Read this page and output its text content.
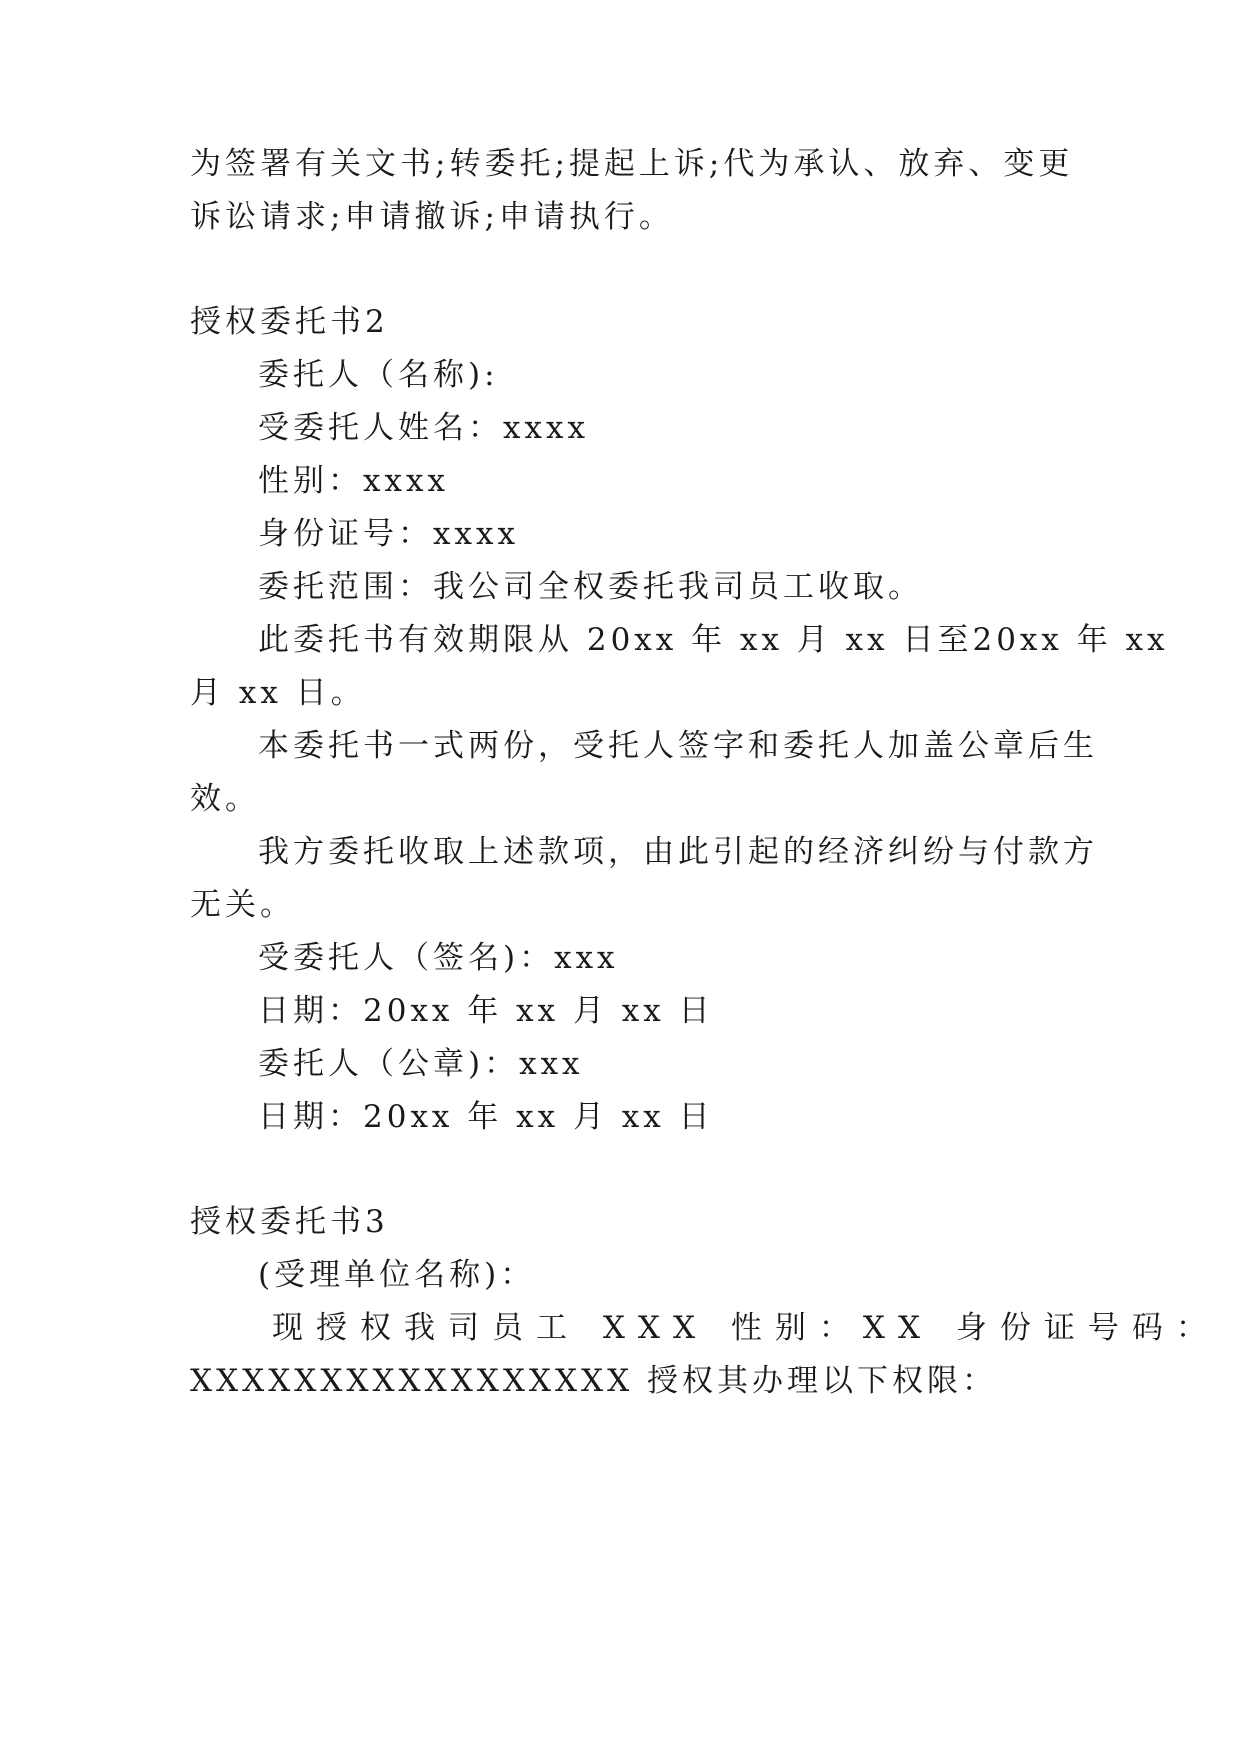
为签署有关文书;转委托;提起上诉;代为承认、放弃、变更
诉讼请求;申请撤诉;申请执行。
授权委托书2
委托人（名称):
受委托人姓名：xxxx
性别：xxxx
身份证号：xxxx
委托范围：我公司全权委托我司员工收取。
此委托书有效期限从 20xx 年 xx 月 xx 日至20xx 年 xx
月 xx 日。
本委托书一式两份，受托人签字和委托人加盖公章后生
效。
我方委托收取上述款项，由此引起的经济纠纷与付款方
无关。
受委托人（签名)：xxx
日期：20xx 年 xx 月 xx 日
委托人（公章)：xxx
日期：20xx 年 xx 月 xx 日
授权委托书3
(受理单位名称)：
现授权我司员工 XXX 性别：XX 身份证号码：
XXXXXXXXXXXXXXXXX 授权其办理以下权限：
